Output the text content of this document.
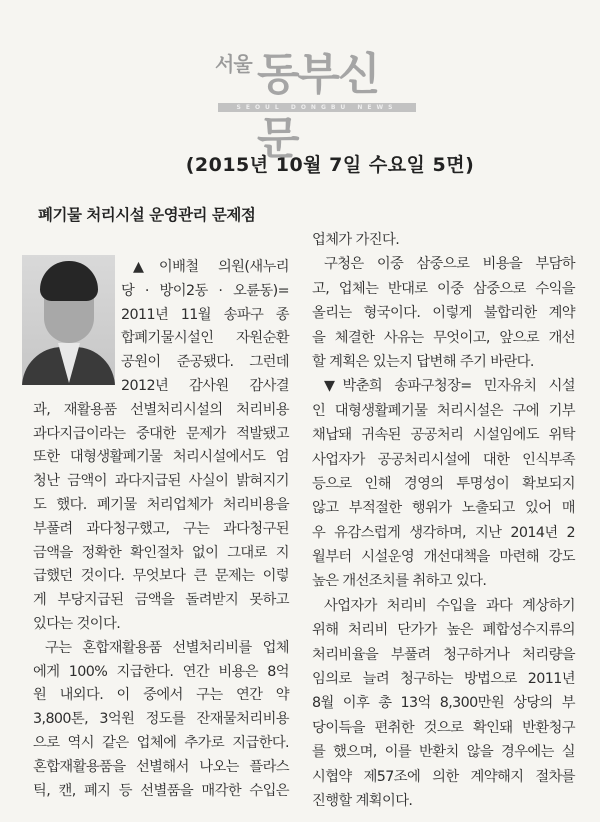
서울 동부신문
SEOUL DONGBU NEWS
(2015년 10월 7일 수요일 5면)
폐기물 처리시설 운영관리 문제점
▲이배철 의원(새누리
당 · 방이2동 · 오륜동)=
2011년 11월 송파구 종
합폐기물시설인 자원순환
공원이 준공됐다. 그런데
2012년 감사원 감사결
과, 재활용품 선별처리시설의 처리비용
과다지급이라는 중대한 문제가 적발됐고
또한 대형생활폐기물 처리시설에서도 엄
청난 금액이 과다지급된 사실이 밝혀지기
도 했다. 폐기물 처리업체가 처리비용을
부풀려 과다청구했고, 구는 과다청구된
금액을 정확한 확인절차 없이 그대로 지
급했던 것이다. 무엇보다 큰 문제는 이렇
게 부당지급된 금액을 돌려받지 못하고
있다는 것이다.
구는 혼합재활용품 선별처리비를 업체
에게 100% 지급한다. 연간 비용은 8억
원 내외다. 이 중에서 구는 연간 약
3,800톤, 3억원 정도를 잔재물처리비용
으로 역시 같은 업체에 추가로 지급한다.
혼합재활용품을 선별해서 나오는 플라스
틱, 캔, 폐지 등 선별품을 매각한 수입은
업체가 가진다.
구청은 이중 삼중으로 비용을 부담하
고, 업체는 반대로 이중 삼중으로 수익을
올리는 형국이다. 이렇게 불합리한 계약
을 체결한 사유는 무엇이고, 앞으로 개선
할 계획은 있는지 답변해 주기 바란다.
▼박춘희 송파구청장= 민자유치 시설
인 대형생활폐기물 처리시설은 구에 기부
채납돼 귀속된 공공처리 시설임에도 위탁
사업자가 공공처리시설에 대한 인식부족
등으로 인해 경영의 투명성이 확보되지
않고 부적절한 행위가 노출되고 있어 매
우 유감스럽게 생각하며, 지난 2014년 2
월부터 시설운영 개선대책을 마련해 강도
높은 개선조치를 취하고 있다.
사업자가 처리비 수입을 과다 계상하기
위해 처리비 단가가 높은 폐합성수지류의
처리비율을 부풀려 청구하거나 처리량을
임의로 늘려 청구하는 방법으로 2011년
8월 이후 총 13억 8,300만원 상당의 부
당이득을 편취한 것으로 확인돼 반환청구
를 했으며, 이를 반환치 않을 경우에는 실
시협약 제57조에 의한 계약해지 절차를
진행할 계획이다.
